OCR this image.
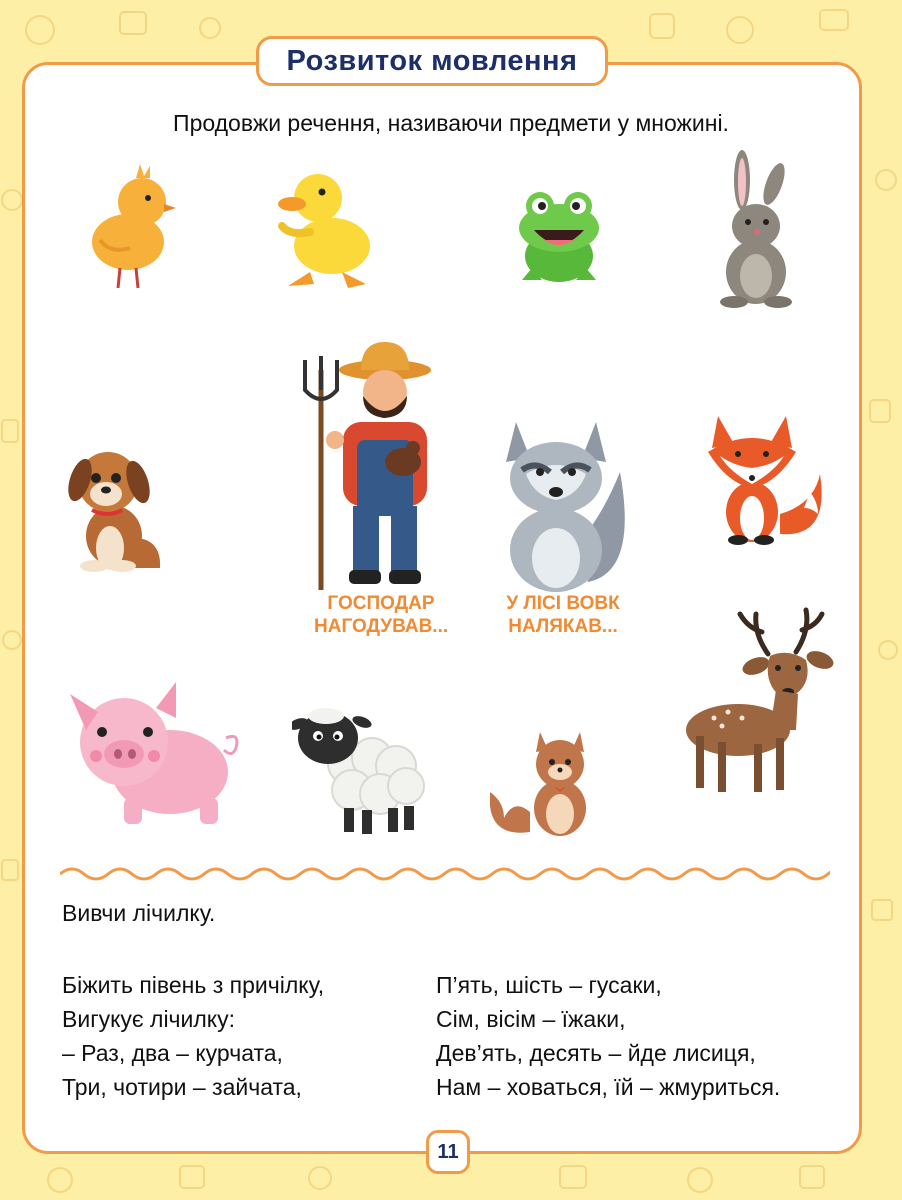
Розвиток мовлення
Продовжи речення, називаючи предмети у множині.
ГОСПОДАР НАГОДУВАВ...
У ЛІСІ ВОВК НАЛЯКАВ...
Вивчи лічилку.
Біжить півень з причілку,
Вигукує лічилку:
– Раз, два – курчата,
Три, чотири – зайчата,
П’ять, шість – гусаки,
Сім, вісім – їжаки,
Дев’ять, десять – йде лисиця,
Нам – ховаться, їй – жмуриться.
11
